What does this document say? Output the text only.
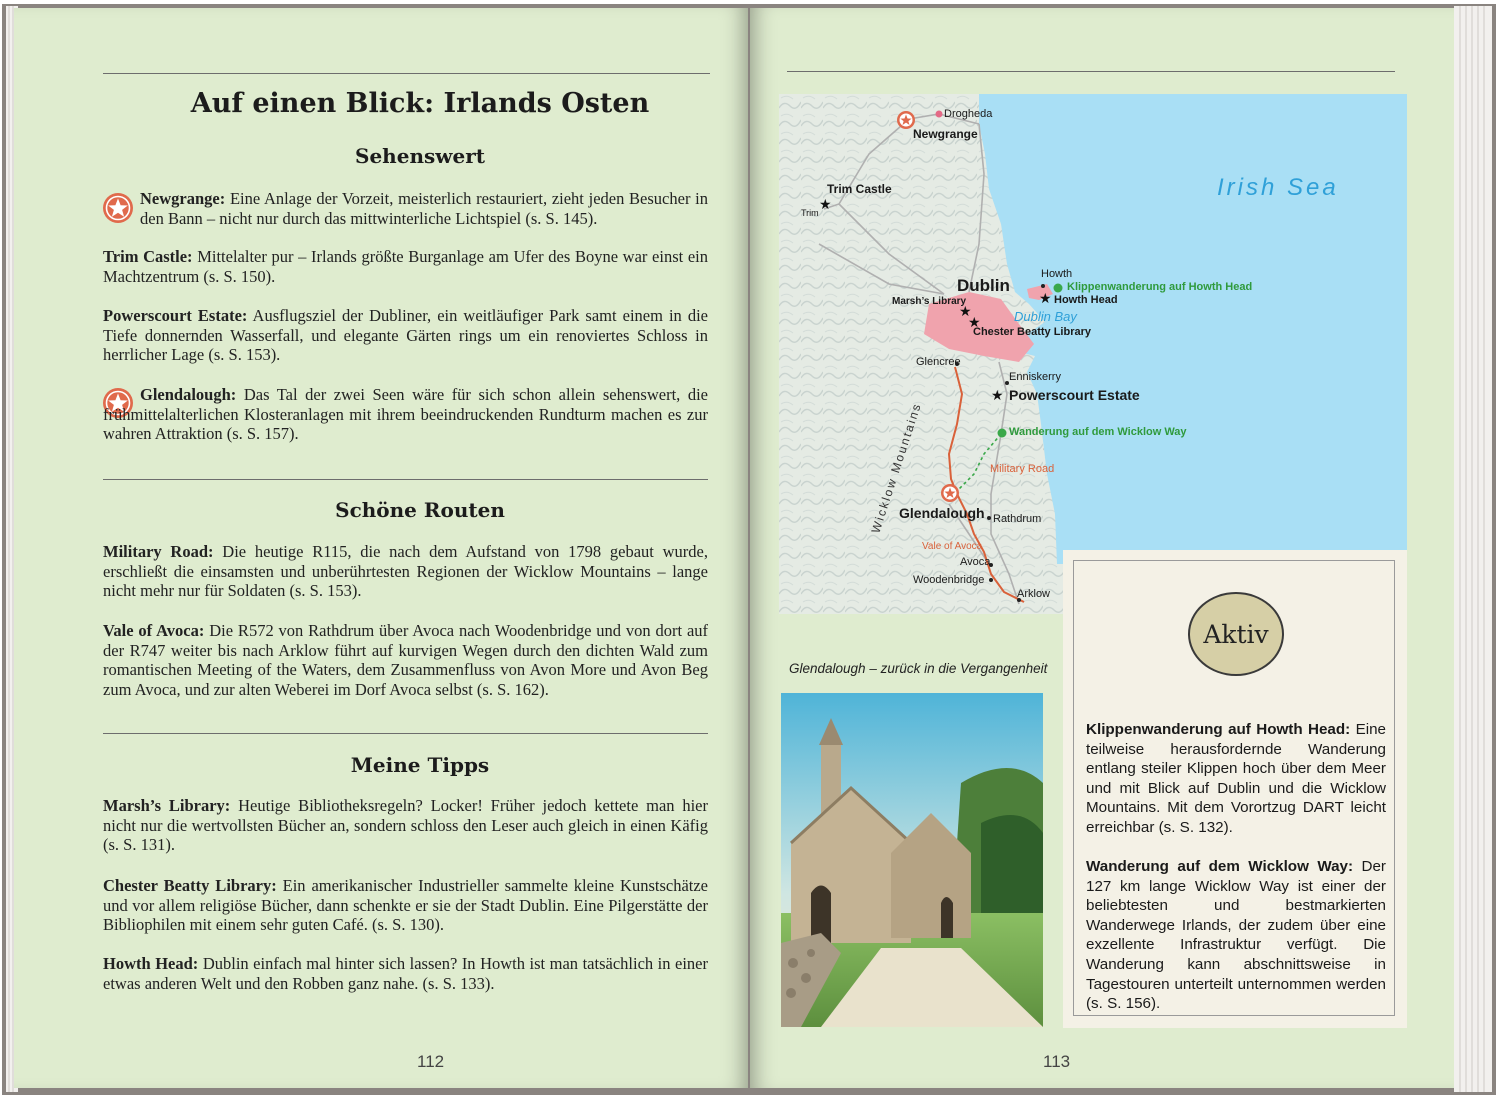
Auf einen Blick: Irlands Osten
Sehenswert
Newgrange: Eine Anlage der Vorzeit, meisterlich restauriert, zieht jeden Besucher in den Bann – nicht nur durch das mittwinterliche Lichtspiel (s. S. 145).
Trim Castle: Mittelalter pur – Irlands größte Burganlage am Ufer des Boyne war einst ein Machtzentrum (s. S. 150).
Powerscourt Estate: Ausflugsziel der Dubliner, ein weitläufiger Park samt einem in die Tiefe donnernden Wasserfall, und elegante Gärten rings um ein renoviertes Schloss in herrlicher Lage (s. S. 153).
Glendalough: Das Tal der zwei Seen wäre für sich schon allein sehenswert, die frühmittelalterlichen Klosteranlagen mit ihrem beeindruckenden Rundturm machen es zur wahren Attraktion (s. S. 157).
Schöne Routen
Military Road: Die heutige R115, die nach dem Aufstand von 1798 gebaut wurde, erschließt die einsamsten und unberührtesten Regionen der Wicklow Mountains – lange nicht mehr nur für Soldaten (s. S. 153).
Vale of Avoca: Die R572 von Rathdrum über Avoca nach Woodenbridge und von dort auf der R747 weiter bis nach Arklow führt auf kurvigen Wegen durch den dichten Wald zum romantischen Meeting of the Waters, dem Zusammenfluss von Avon More und Avon Beg zum Avoca, und zur alten Weberei im Dorf Avoca selbst (s. S. 162).
Meine Tipps
Marsh’s Library: Heutige Bibliotheksregeln? Locker! Früher jedoch kettete man hier nicht nur die wertvollsten Bücher an, sondern schloss den Leser auch gleich in einen Käfig (s. S. 131).
Chester Beatty Library: Ein amerikanischer Industrieller sammelte kleine Kunstschätze und vor allem religiöse Bücher, dann schenkte er sie der Stadt Dublin. Eine Pilgerstätte der Bibliophilen mit einem sehr guten Café. (s. S. 130).
Howth Head: Dublin einfach mal hinter sich lassen? In Howth ist man tatsächlich in einer etwas anderen Welt und den Robben ganz nahe. (s. S. 133).
112
Wicklow Mountains
★
★
★
★
★
Irish Sea
Dublin Bay
Drogheda
Newgrange
Trim Castle
Trim
Howth
Klippenwanderung auf Howth Head
Howth Head
Dublin
Marsh’s Library
Chester Beatty Library
Glencree
Enniskerry
Powerscourt Estate
Wanderung auf dem Wicklow Way
Military Road
Glendalough Rathdrum
Vale of Avoca
Avoca
Woodenbridge
Arklow
Glendalough – zurück in die Vergangenheit
Aktiv
Klippenwanderung auf Howth Head: Eine teilweise herausfordernde Wanderung entlang steiler Klippen hoch über dem Meer und mit Blick auf Dublin und die Wicklow Mountains. Mit dem Vorortzug DART leicht erreichbar (s. S. 132).
Wanderung auf dem Wicklow Way: Der 127 km lange Wicklow Way ist einer der beliebtesten und bestmarkierten Wanderwege Irlands, der zudem über eine exzellente Infrastruktur verfügt. Die Wanderung kann abschnittsweise in Tagestouren unterteilt unternommen werden (s. S. 156).
113
